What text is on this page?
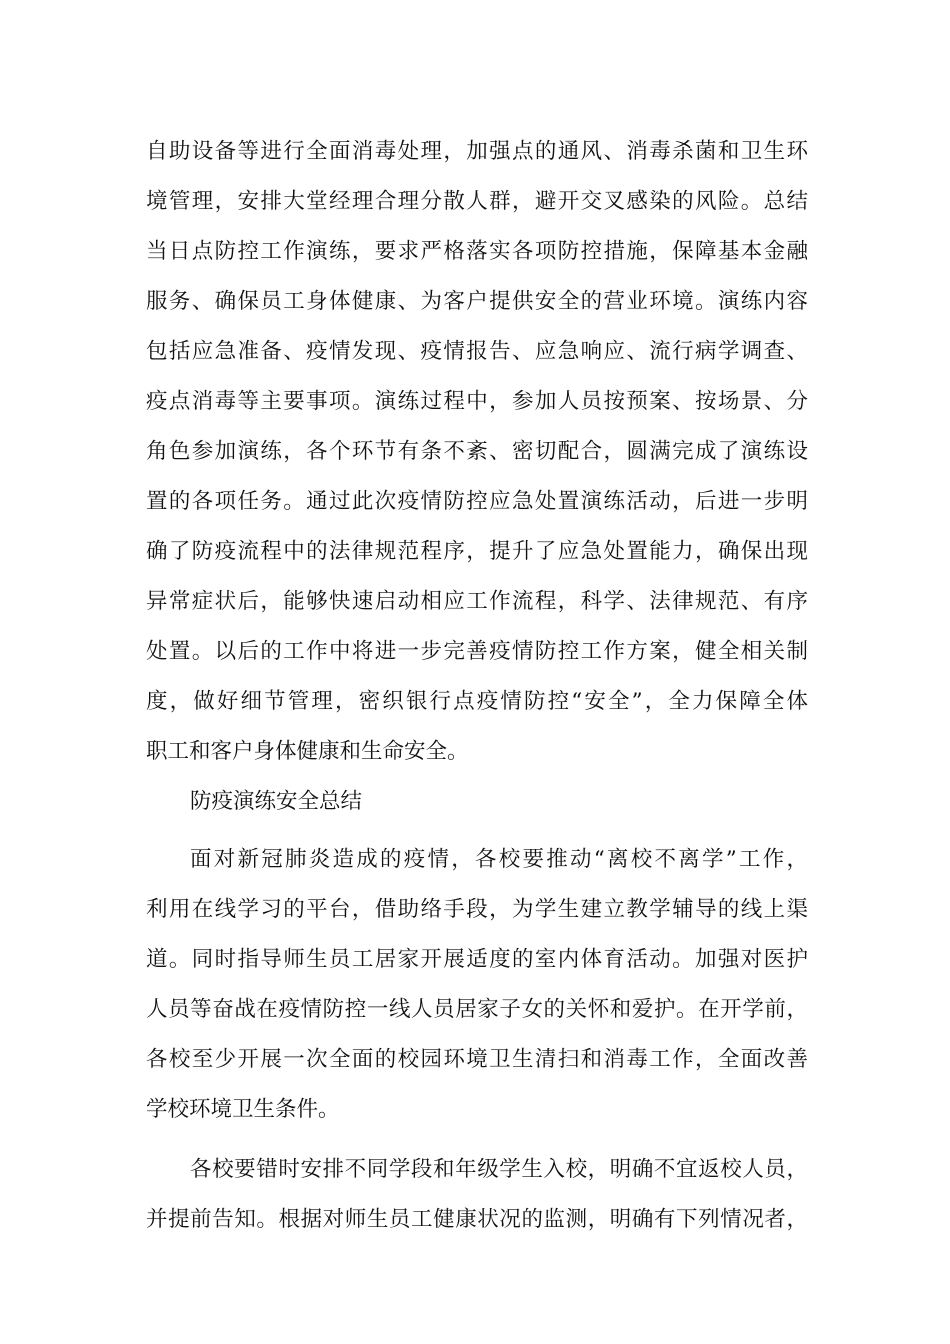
自助设备等进行全面消毒处理，加强点的通风、消毒杀菌和卫生环
境管理，安排大堂经理合理分散人群，避开交叉感染的风险。总结
当日点防控工作演练，要求严格落实各项防控措施，保障基本金融
服务、确保员工身体健康、为客户提供安全的营业环境。演练内容
包括应急准备、疫情发现、疫情报告、应急响应、流行病学调查、
疫点消毒等主要事项。演练过程中，参加人员按预案、按场景、分
角色参加演练，各个环节有条不紊、密切配合，圆满完成了演练设
置的各项任务。通过此次疫情防控应急处置演练活动，后进一步明
确了防疫流程中的法律规范程序，提升了应急处置能力，确保出现
异常症状后，能够快速启动相应工作流程，科学、法律规范、有序
处置。以后的工作中将进一步完善疫情防控工作方案，健全相关制
度，做好细节管理，密织银行点疫情防控“安全”，全力保障全体
职工和客户身体健康和生命安全。
防疫演练安全总结
面对新冠肺炎造成的疫情，各校要推动“离校不离学”工作，
利用在线学习的平台，借助络手段，为学生建立教学辅导的线上渠
道。同时指导师生员工居家开展适度的室内体育活动。加强对医护
人员等奋战在疫情防控一线人员居家子女的关怀和爱护。在开学前，
各校至少开展一次全面的校园环境卫生清扫和消毒工作，全面改善
学校环境卫生条件。
各校要错时安排不同学段和年级学生入校，明确不宜返校人员，
并提前告知。根据对师生员工健康状况的监测，明确有下列情况者，
